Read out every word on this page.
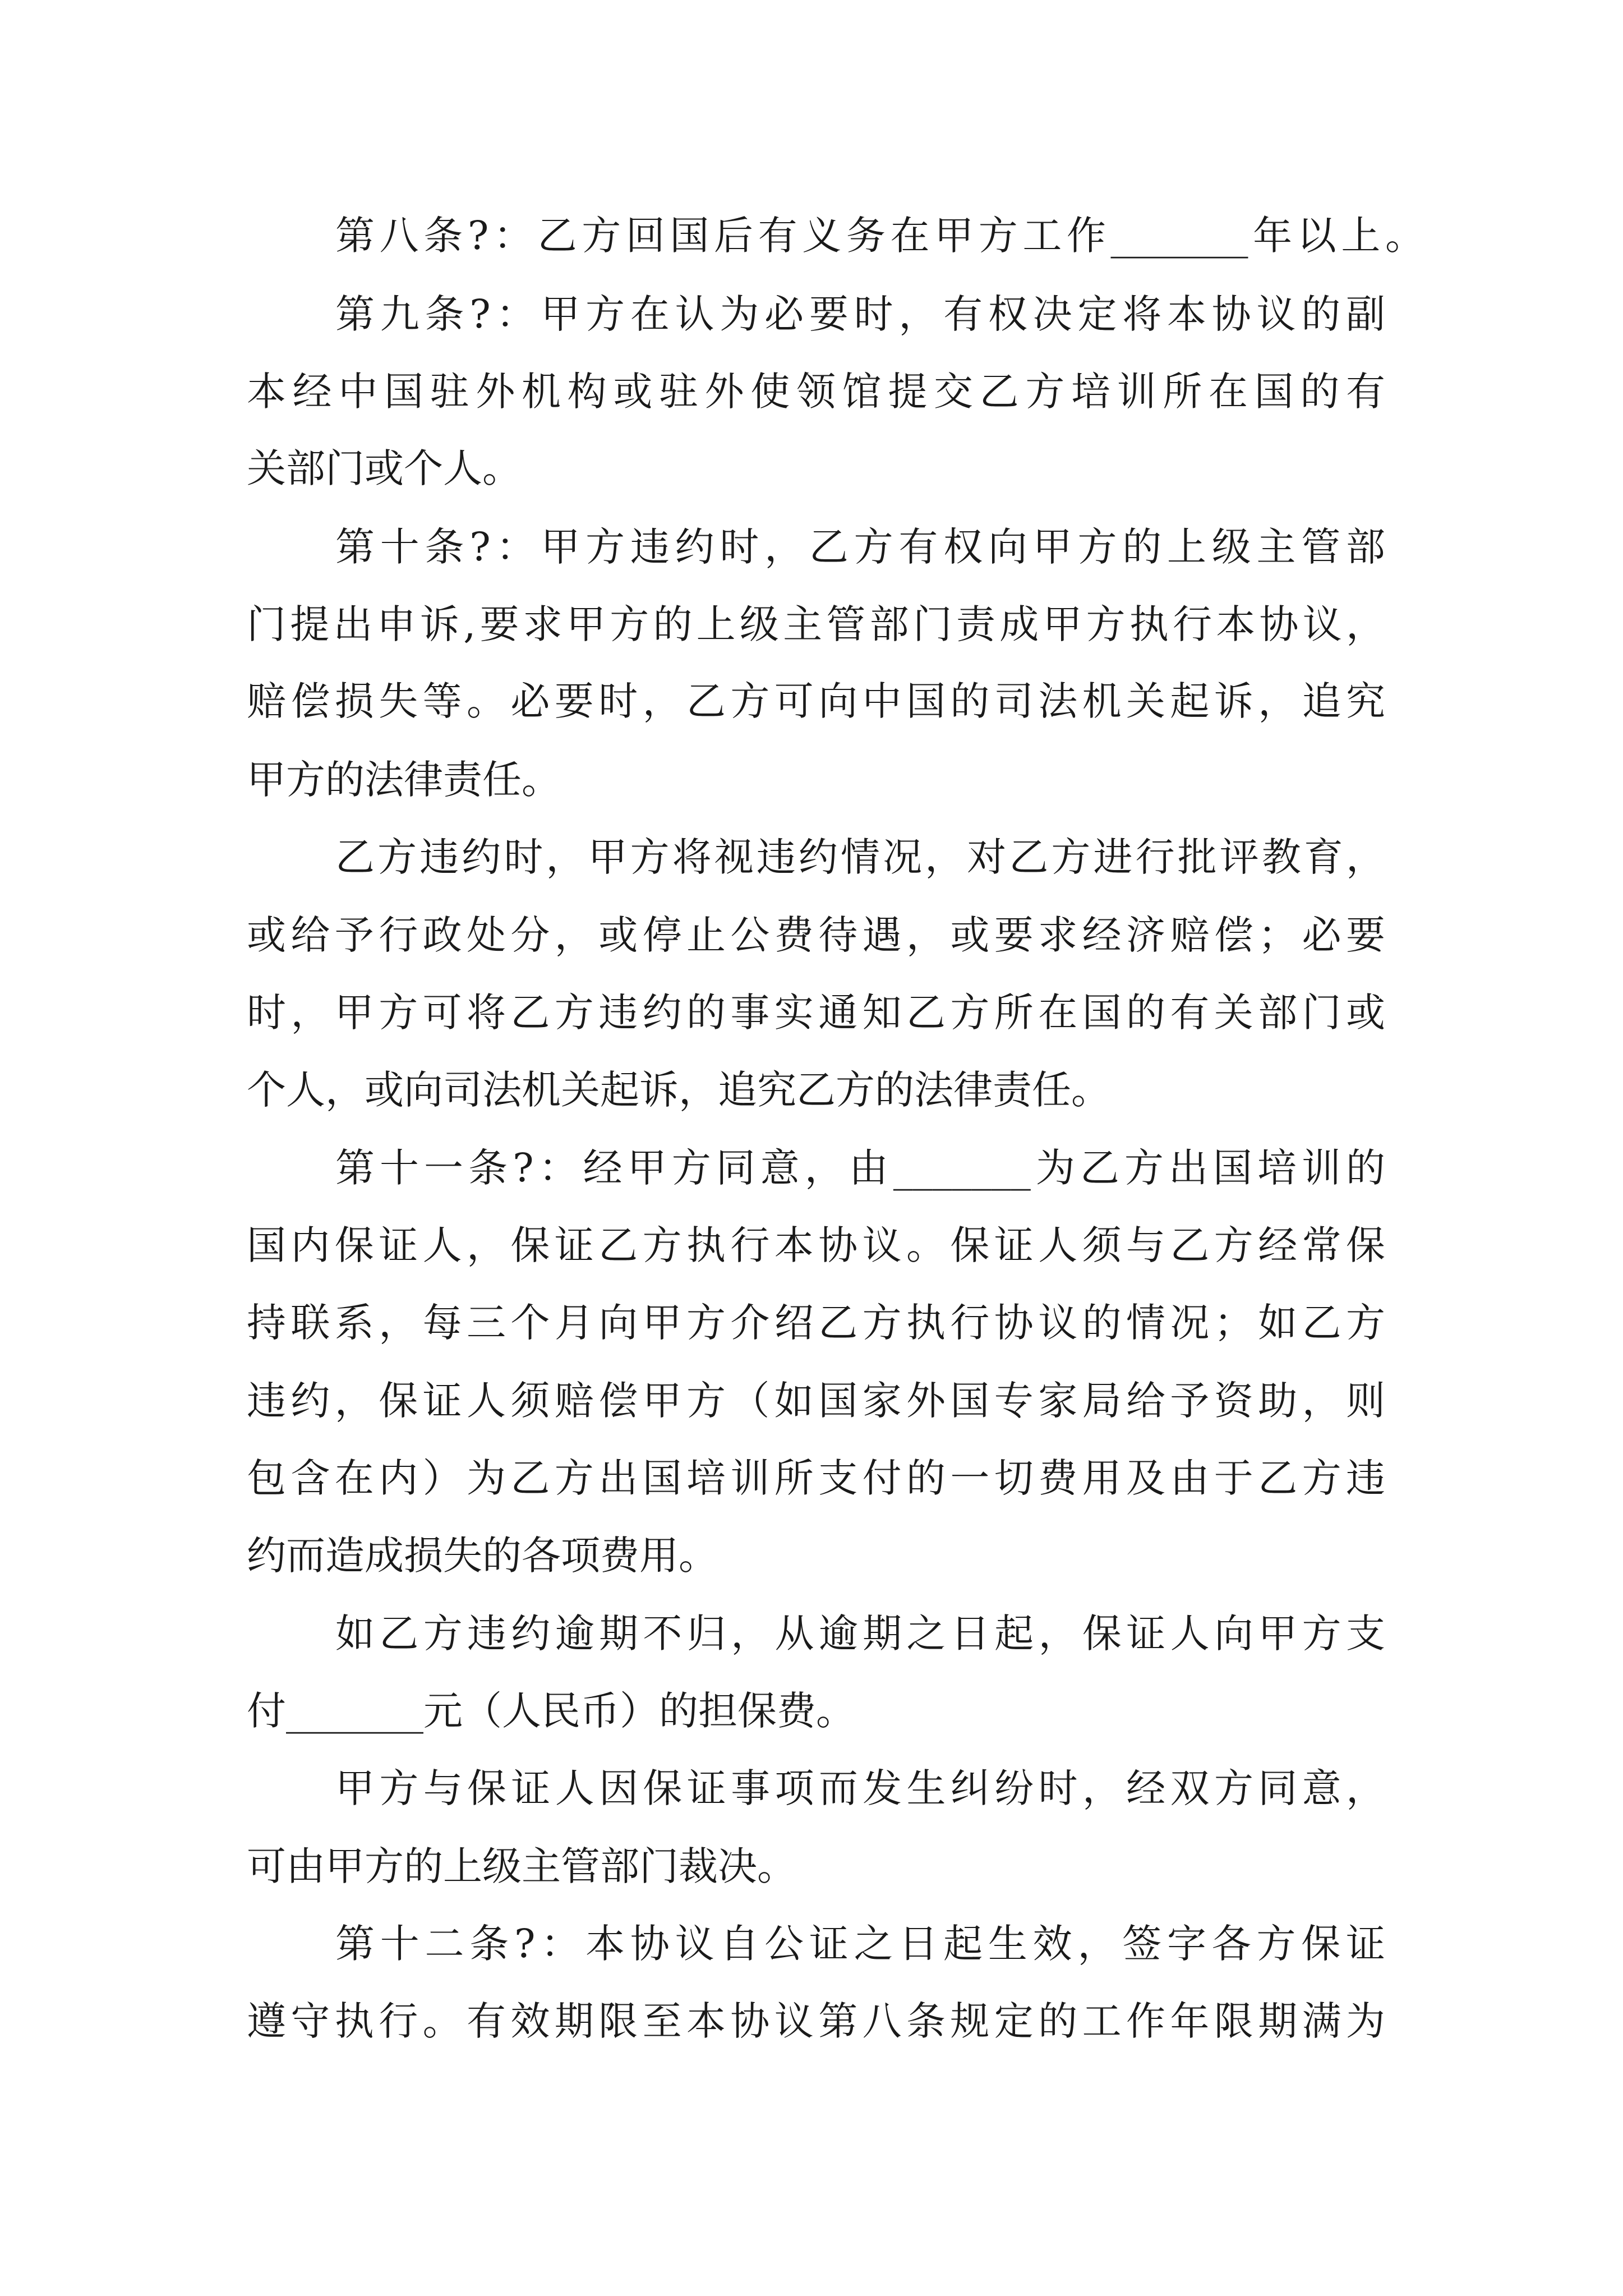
第八条?：乙方回国后有义务在甲方工作_______年以上。

第九条?：甲方在认为必要时，有权决定将本协议的副

本经中国驻外机构或驻外使领馆提交乙方培训所在国的有

关部门或个人。

第十条?：甲方违约时，乙方有权向甲方的上级主管部

门提出申诉,要求甲方的上级主管部门责成甲方执行本协议，

赔偿损失等。必要时，乙方可向中国的司法机关起诉，追究

甲方的法律责任。

乙方违约时，甲方将视违约情况，对乙方进行批评教育，

或给予行政处分，或停止公费待遇，或要求经济赔偿；必要

时，甲方可将乙方违约的事实通知乙方所在国的有关部门或

个人，或向司法机关起诉，追究乙方的法律责任。

第十一条?：经甲方同意，由_______为乙方出国培训的

国内保证人，保证乙方执行本协议。保证人须与乙方经常保

持联系，每三个月向甲方介绍乙方执行协议的情况；如乙方

违约，保证人须赔偿甲方（如国家外国专家局给予资助，则

包含在内）为乙方出国培训所支付的一切费用及由于乙方违

约而造成损失的各项费用。

如乙方违约逾期不归，从逾期之日起，保证人向甲方支

付_______元（人民币）的担保费。

甲方与保证人因保证事项而发生纠纷时，经双方同意，

可由甲方的上级主管部门裁决。

第十二条?：本协议自公证之日起生效，签字各方保证

遵守执行。有效期限至本协议第八条规定的工作年限期满为
